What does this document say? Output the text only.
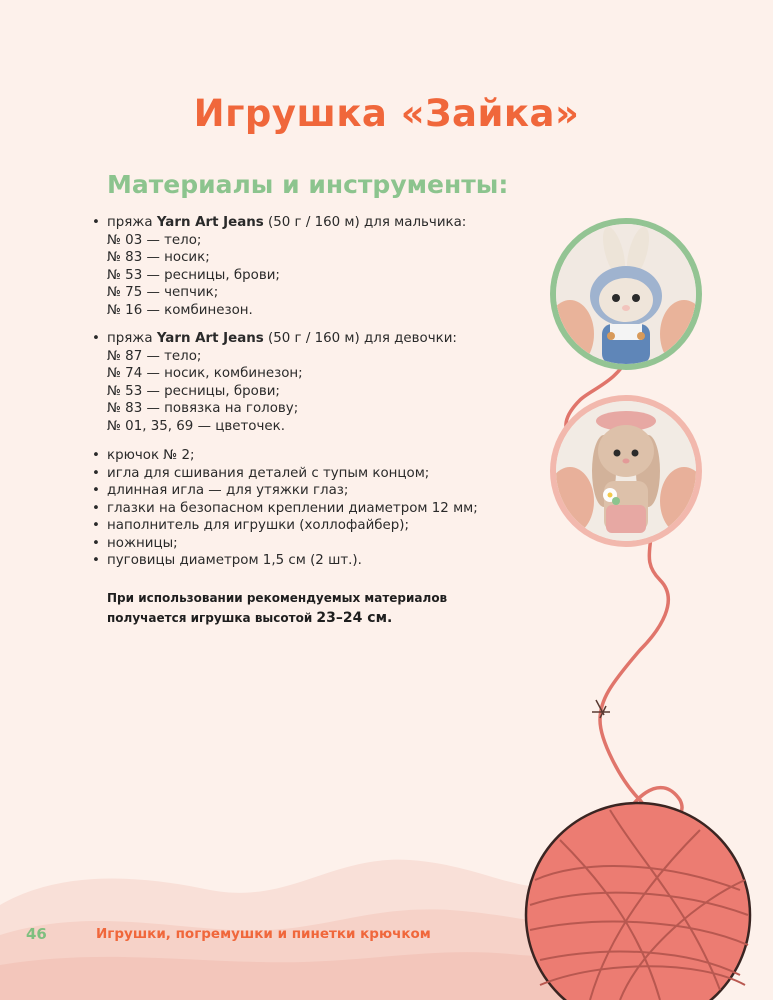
Игрушка «Зайка»
Материалы и инструменты:
• пряжа Yarn Art Jeans (50 г / 160 м) для мальчика:
№ 03 — тело;
№ 83 — носик;
№ 53 — ресницы, брови;
№ 75 — чепчик;
№ 16 — комбинезон.
• пряжа Yarn Art Jeans (50 г / 160 м) для девочки:
№ 87 — тело;
№ 74 — носик, комбинезон;
№ 53 — ресницы, брови;
№ 83 — повязка на голову;
№ 01, 35, 69 — цветочек.
• крючок № 2;
• игла для сшивания деталей с тупым концом;
• длинная игла — для утяжки глаз;
• глазки на безопасном креплении диаметром 12 мм;
• наполнитель для игрушки (холлофайбер);
• ножницы;
• пуговицы диаметром 1,5 см (2 шт.).
При использовании рекомендуемых материалов
получается игрушка высотой 23–24 см.
46	Игрушки, погремушки и пинетки крючком
